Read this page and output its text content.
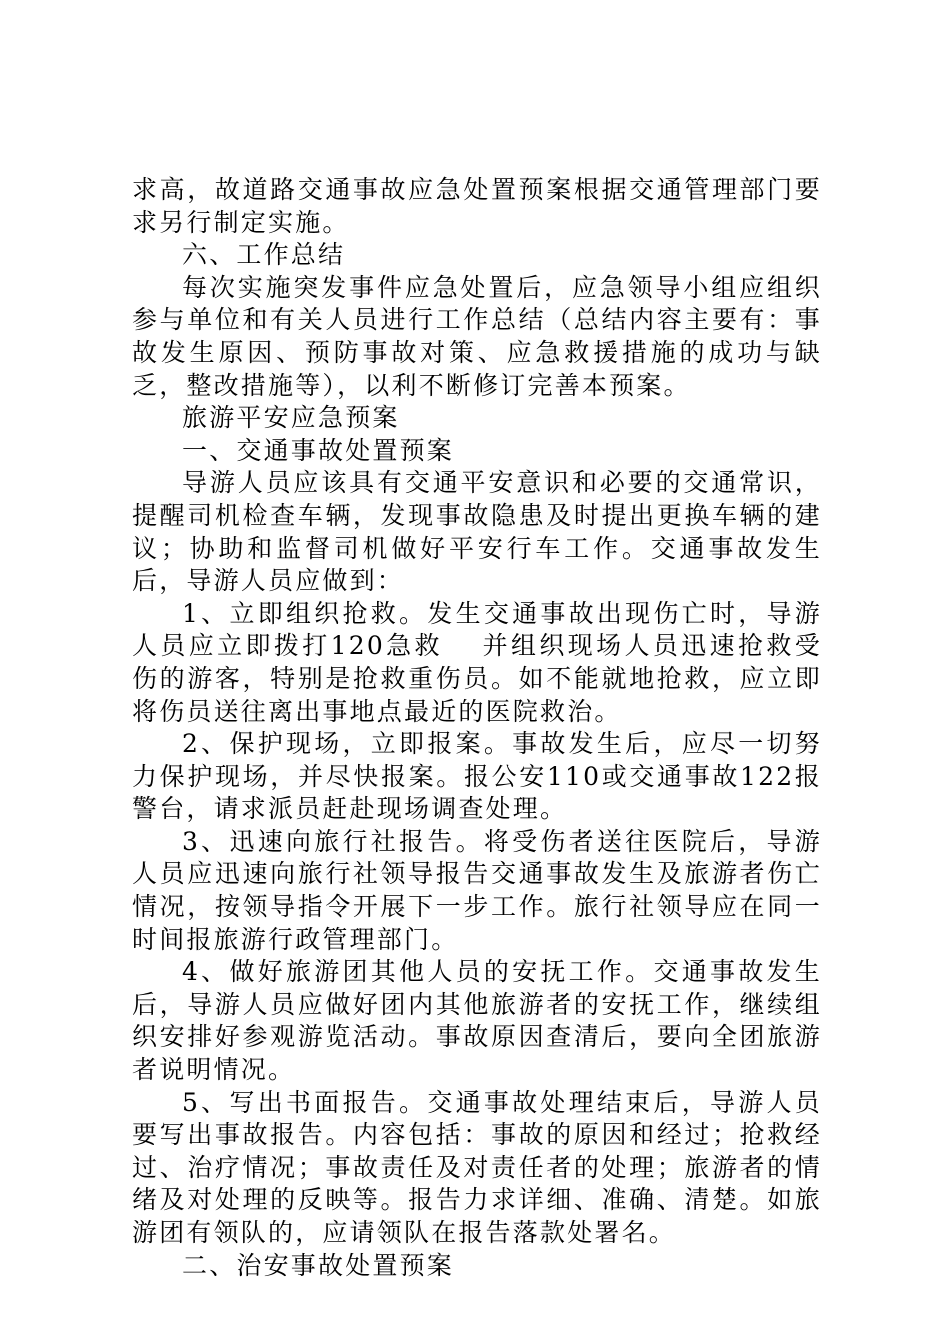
求高，故道路交通事故应急处置预案根据交通管理部门要求另行制定实施。

六、工作总结

每次实施突发事件应急处置后，应急领导小组应组织参与单位和有关人员进行工作总结（总结内容主要有：事故发生原因、预防事故对策、应急救援措施的成功与缺乏，整改措施等），以利不断修订完善本预案。

旅游平安应急预案

一、交通事故处置预案

导游人员应该具有交通平安意识和必要的交通常识，提醒司机检查车辆，发现事故隐患及时提出更换车辆的建议；协助和监督司机做好平安行车工作。交通事故发生后，导游人员应做到：

1、立即组织抢救。发生交通事故出现伤亡时，导游人员应立即拨打120急救　 并组织现场人员迅速抢救受伤的游客，特别是抢救重伤员。如不能就地抢救，应立即将伤员送往离出事地点最近的医院救治。

2、保护现场，立即报案。事故发生后，应尽一切努力保护现场，并尽快报案。报公安110或交通事故122报警台，请求派员赶赴现场调查处理。

3、迅速向旅行社报告。将受伤者送往医院后，导游人员应迅速向旅行社领导报告交通事故发生及旅游者伤亡情况，按领导指令开展下一步工作。旅行社领导应在同一时间报旅游行政管理部门。

4、做好旅游团其他人员的安抚工作。交通事故发生后，导游人员应做好团内其他旅游者的安抚工作，继续组织安排好参观游览活动。事故原因查清后，要向全团旅游者说明情况。

5、写出书面报告。交通事故处理结束后，导游人员要写出事故报告。内容包括：事故的原因和经过；抢救经过、治疗情况；事故责任及对责任者的处理；旅游者的情绪及对处理的反映等。报告力求详细、准确、清楚。如旅游团有领队的，应请领队在报告落款处署名。

二、治安事故处置预案
